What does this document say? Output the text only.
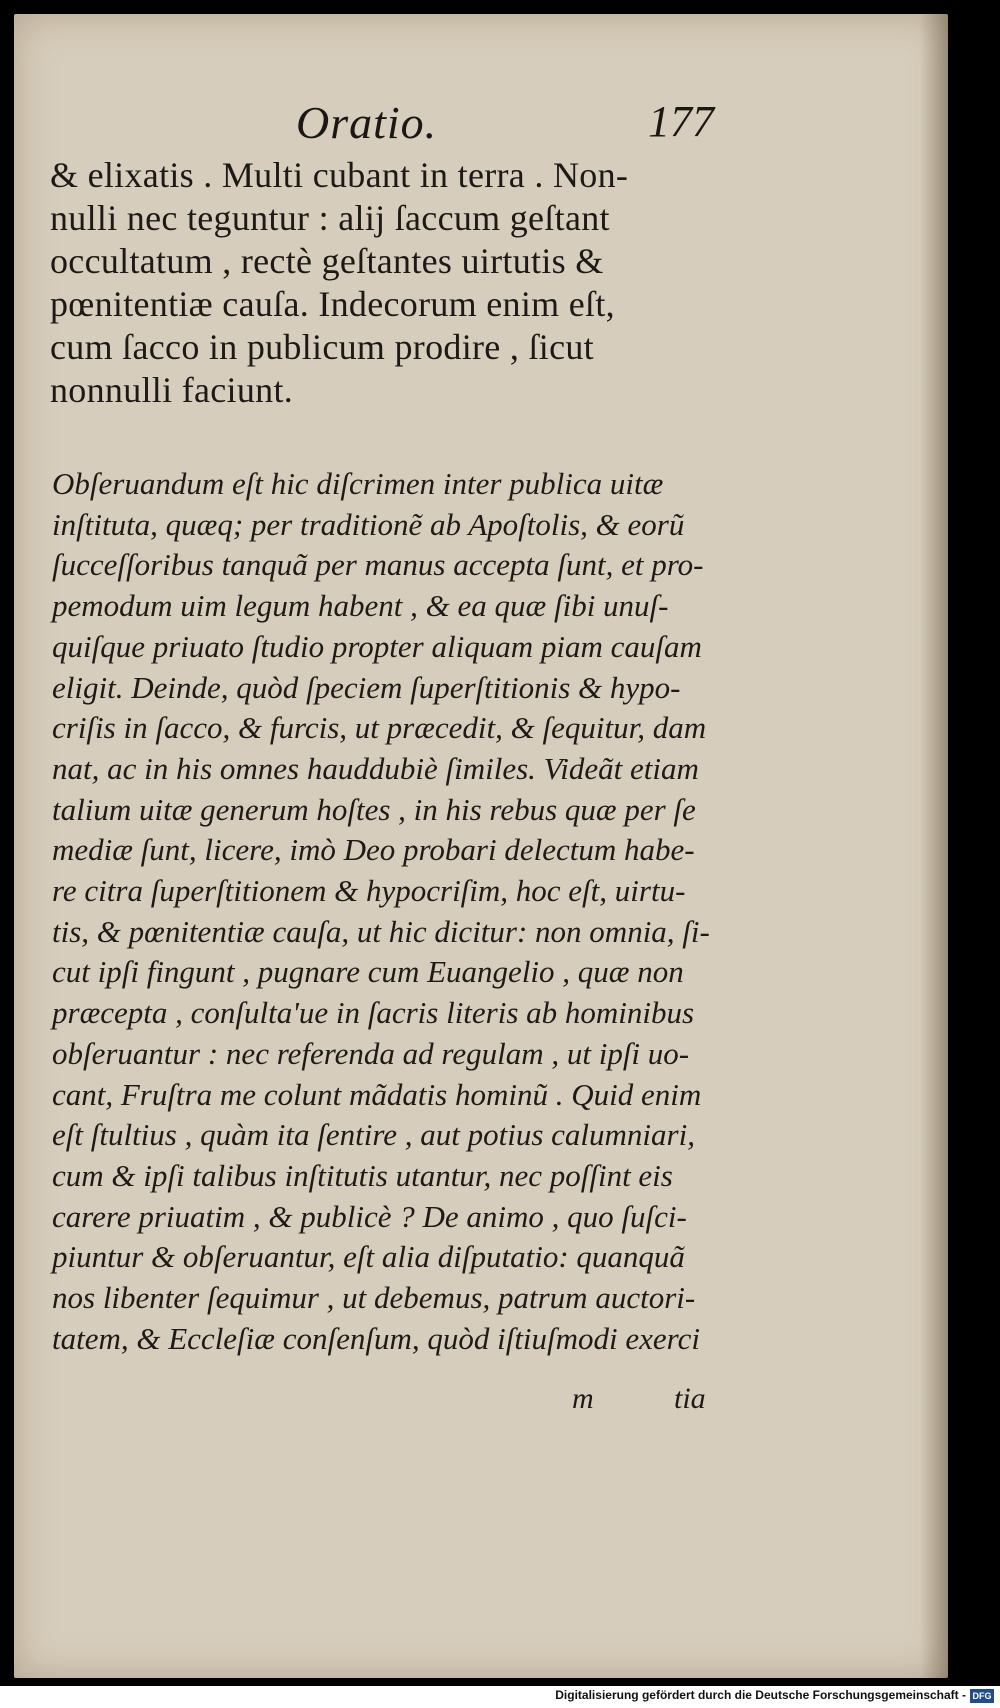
Oratio.	177
& elixatis . Multi cubant in terra . Non-
nulli nec teguntur : alij ſaccum geſtant
occultatum , rectè geſtantes uirtutis &
pœnitentiæ cauſa. Indecorum enim eſt,
cum ſacco in publicum prodire , ſicut
nonnulli faciunt.
Obſeruandum eſt hic diſcrimen inter publica uitæ
inſtituta, quæq; per traditionẽ ab Apoſtolis, & eorũ
ſucceſſoribus tanquã per manus accepta ſunt, et pro-
pemodum uim legum habent , & ea quæ ſibi unuſ-
quiſque priuato ſtudio propter aliquam piam cauſam
eligit. Deinde, quòd ſpeciem ſuperſtitionis & hypo-
criſis in ſacco, & furcis, ut præcedit, & ſequitur, dam
nat, ac in his omnes hauddubiè ſimiles. Videãt etiam
talium uitæ generum hoſtes , in his rebus quæ per ſe
mediæ ſunt, licere, imò Deo probari delectum habe-
re citra ſuperſtitionem & hypocriſim, hoc eſt, uirtu-
tis, & pœnitentiæ cauſa, ut hic dicitur: non omnia, ſi-
cut ipſi fingunt , pugnare cum Euangelio , quæ non
præcepta , conſulta'ue in ſacris literis ab hominibus
obſeruantur : nec referenda ad regulam , ut ipſi uo-
cant, Fruſtra me colunt mãdatis hominũ . Quid enim
eſt ſtultius , quàm ita ſentire , aut potius calumniari,
cum & ipſi talibus inſtitutis utantur, nec poſſint eis
carere priuatim , & publicè ? De animo , quo ſuſci-
piuntur & obſeruantur, eſt alia diſputatio: quanquã
nos libenter ſequimur , ut debemus, patrum auctori-
tatem, & Eccleſiæ conſenſum, quòd iſtiuſmodi exerci
m	tia
Digitalisierung gefördert durch die Deutsche Forschungsgemeinschaft - DFG
